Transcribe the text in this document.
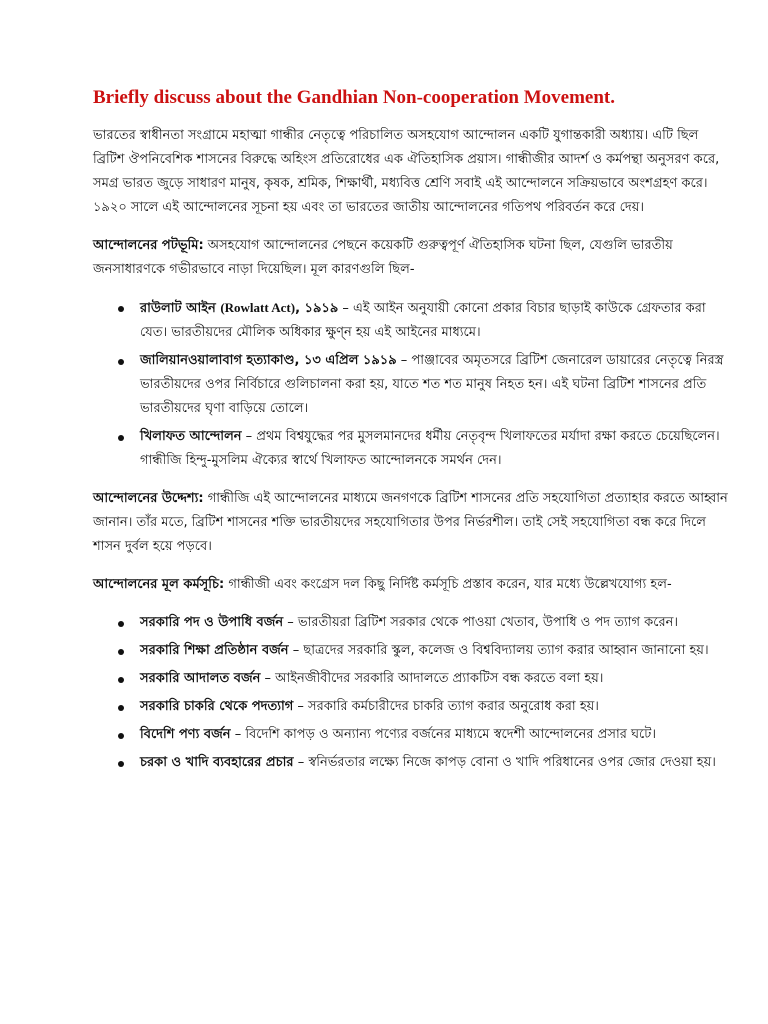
Briefly discuss about the Gandhian Non-cooperation Movement.

ভারতের স্বাধীনতা সংগ্রামে মহাত্মা গান্ধীর নেতৃত্বে পরিচালিত অসহযোগ আন্দোলন একটি যুগান্তকারী অধ্যায়। এটি ছিল ব্রিটিশ ঔপনিবেশিক শাসনের বিরুদ্ধে অহিংস প্রতিরোধের এক ঐতিহাসিক প্রয়াস। গান্ধীজীর আদর্শ ও কর্মপন্থা অনুসরণ করে, সমগ্র ভারত জুড়ে সাধারণ মানুষ, কৃষক, শ্রমিক, শিক্ষার্থী, মধ্যবিত্ত শ্রেণি সবাই এই আন্দোলনে সক্রিয়ভাবে অংশগ্রহণ করে। ১৯২০ সালে এই আন্দোলনের সূচনা হয় এবং তা ভারতের জাতীয় আন্দোলনের গতিপথ পরিবর্তন করে দেয়।

আন্দোলনের পটভূমি: অসহযোগ আন্দোলনের পেছনে কয়েকটি গুরুত্বপূর্ণ ঐতিহাসিক ঘটনা ছিল, যেগুলি ভারতীয় জনসাধারণকে গভীরভাবে নাড়া দিয়েছিল। মূল কারণগুলি ছিল-

রাউলাট আইন (Rowlatt Act), ১৯১৯ – এই আইন অনুযায়ী কোনো প্রকার বিচার ছাড়াই কাউকে গ্রেফতার করা যেত। ভারতীয়দের মৌলিক অধিকার ক্ষুণ্ন হয় এই আইনের মাধ্যমে।
জালিয়ানওয়ালাবাগ হত্যাকাণ্ড, ১৩ এপ্রিল ১৯১৯ – পাঞ্জাবের অমৃতসরে ব্রিটিশ জেনারেল ডায়ারের নেতৃত্বে নিরস্ত্র ভারতীয়দের ওপর নির্বিচারে গুলিচালনা করা হয়, যাতে শত শত মানুষ নিহত হন। এই ঘটনা ব্রিটিশ শাসনের প্রতি ভারতীয়দের ঘৃণা বাড়িয়ে তোলে।
খিলাফত আন্দোলন – প্রথম বিশ্বযুদ্ধের পর মুসলমানদের ধর্মীয় নেতৃবৃন্দ খিলাফতের মর্যাদা রক্ষা করতে চেয়েছিলেন। গান্ধীজি হিন্দু-মুসলিম ঐক্যের স্বার্থে খিলাফত আন্দোলনকে সমর্থন দেন।

আন্দোলনের উদ্দেশ্য: গান্ধীজি এই আন্দোলনের মাধ্যমে জনগণকে ব্রিটিশ শাসনের প্রতি সহযোগিতা প্রত্যাহার করতে আহ্বান জানান। তাঁর মতে, ব্রিটিশ শাসনের শক্তি ভারতীয়দের সহযোগিতার উপর নির্ভরশীল। তাই সেই সহযোগিতা বন্ধ করে দিলে শাসন দুর্বল হয়ে পড়বে।

আন্দোলনের মূল কর্মসূচি: গান্ধীজী এবং কংগ্রেস দল কিছু নির্দিষ্ট কর্মসূচি প্রস্তাব করেন, যার মধ্যে উল্লেখযোগ্য হল-

সরকারি পদ ও উপাধি বর্জন – ভারতীয়রা ব্রিটিশ সরকার থেকে পাওয়া খেতাব, উপাধি ও পদ ত্যাগ করেন।
সরকারি শিক্ষা প্রতিষ্ঠান বর্জন – ছাত্রদের সরকারি স্কুল, কলেজ ও বিশ্ববিদ্যালয় ত্যাগ করার আহ্বান জানানো হয়।
সরকারি আদালত বর্জন – আইনজীবীদের সরকারি আদালতে প্র্যাকটিস বন্ধ করতে বলা হয়।
সরকারি চাকরি থেকে পদত্যাগ – সরকারি কর্মচারীদের চাকরি ত্যাগ করার অনুরোধ করা হয়।
বিদেশি পণ্য বর্জন – বিদেশি কাপড় ও অন্যান্য পণ্যের বর্জনের মাধ্যমে স্বদেশী আন্দোলনের প্রসার ঘটে।
চরকা ও খাদি ব্যবহারের প্রচার – স্বনির্ভরতার লক্ষ্যে নিজে কাপড় বোনা ও খাদি পরিধানের ওপর জোর দেওয়া হয়।
